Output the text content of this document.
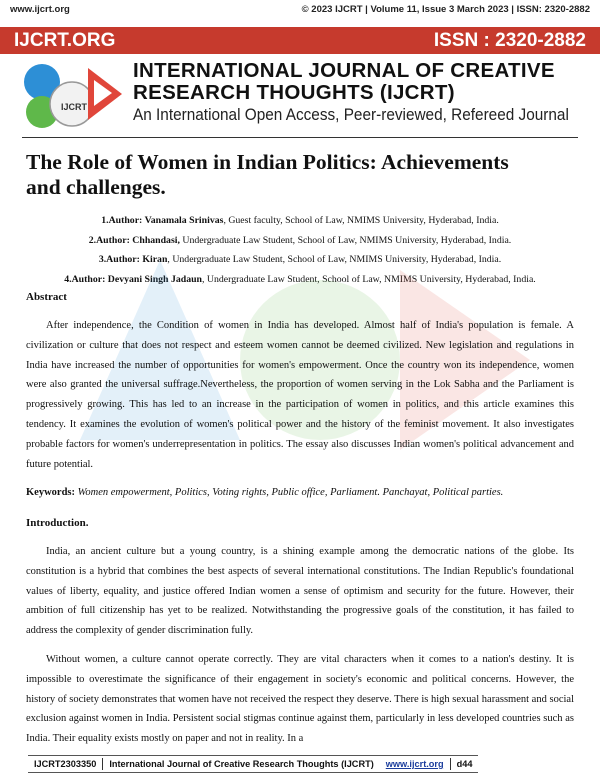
www.ijcrt.org	© 2023 IJCRT | Volume 11, Issue 3 March 2023 | ISSN: 2320-2882
IJCRT.ORG	ISSN : 2320-2882
IJCRT
INTERNATIONAL JOURNAL OF CREATIVE
RESEARCH THOUGHTS (IJCRT)
An International Open Access, Peer-reviewed, Refereed Journal
The Role of Women in Indian Politics: Achievements
and challenges.
1.Author: Vanamala Srinivas, Guest faculty, School of Law, NMIMS University, Hyderabad, India.
2.Author: Chhandasi, Undergraduate Law Student, School of Law, NMIMS University, Hyderabad, India.
3.Author: Kiran, Undergraduate Law Student, School of Law, NMIMS University, Hyderabad, India.
4.Author: Devyani Singh Jadaun, Undergraduate Law Student, School of Law, NMIMS University, Hyderabad, India.
Abstract

After independence, the Condition of women in India has developed. Almost half of India's population is female. A civilization or culture that does not respect and esteem women cannot be deemed civilized. New legislation and regulations in India have increased the number of opportunities for women's empowerment. Once the country won its independence, women were also granted the universal suffrage.Nevertheless, the proportion of women serving in the Lok Sabha and the Parliament is progressively growing. This has led to an increase in the participation of women in politics, and this article examines this tendency. It examines the evolution of women's political power and the history of the feminist movement. It also investigates probable factors for women's underrepresentation in politics. The essay also discusses Indian women's political advancement and future potential.

Keywords: Women empowerment, Politics, Voting rights, Public office, Parliament. Panchayat, Political parties.
Introduction.

India, an ancient culture but a young country, is a shining example among the democratic nations of the globe. Its constitution is a hybrid that combines the best aspects of several international constitutions. The Indian Republic's foundational values of liberty, equality, and justice offered Indian women a sense of optimism and security for the future. However, their ambition of full citizenship has yet to be realized. Notwithstanding the progressive goals of the constitution, it has failed to address the complexity of gender discrimination fully.

Without women, a culture cannot operate correctly. They are vital characters when it comes to a nation's destiny. It is impossible to overestimate the significance of their engagement in society's economic and political concerns. However, the history of society demonstrates that women have not received the respect they deserve. There is high sexual harassment and social exclusion against women in India. Persistent social stigmas continue against them, particularly in less developed countries such as India. Their equality exists mostly on paper and not in reality. In a

IJCRT2303350	International Journal of Creative Research Thoughts (IJCRT)	www.ijcrt.org	d44
